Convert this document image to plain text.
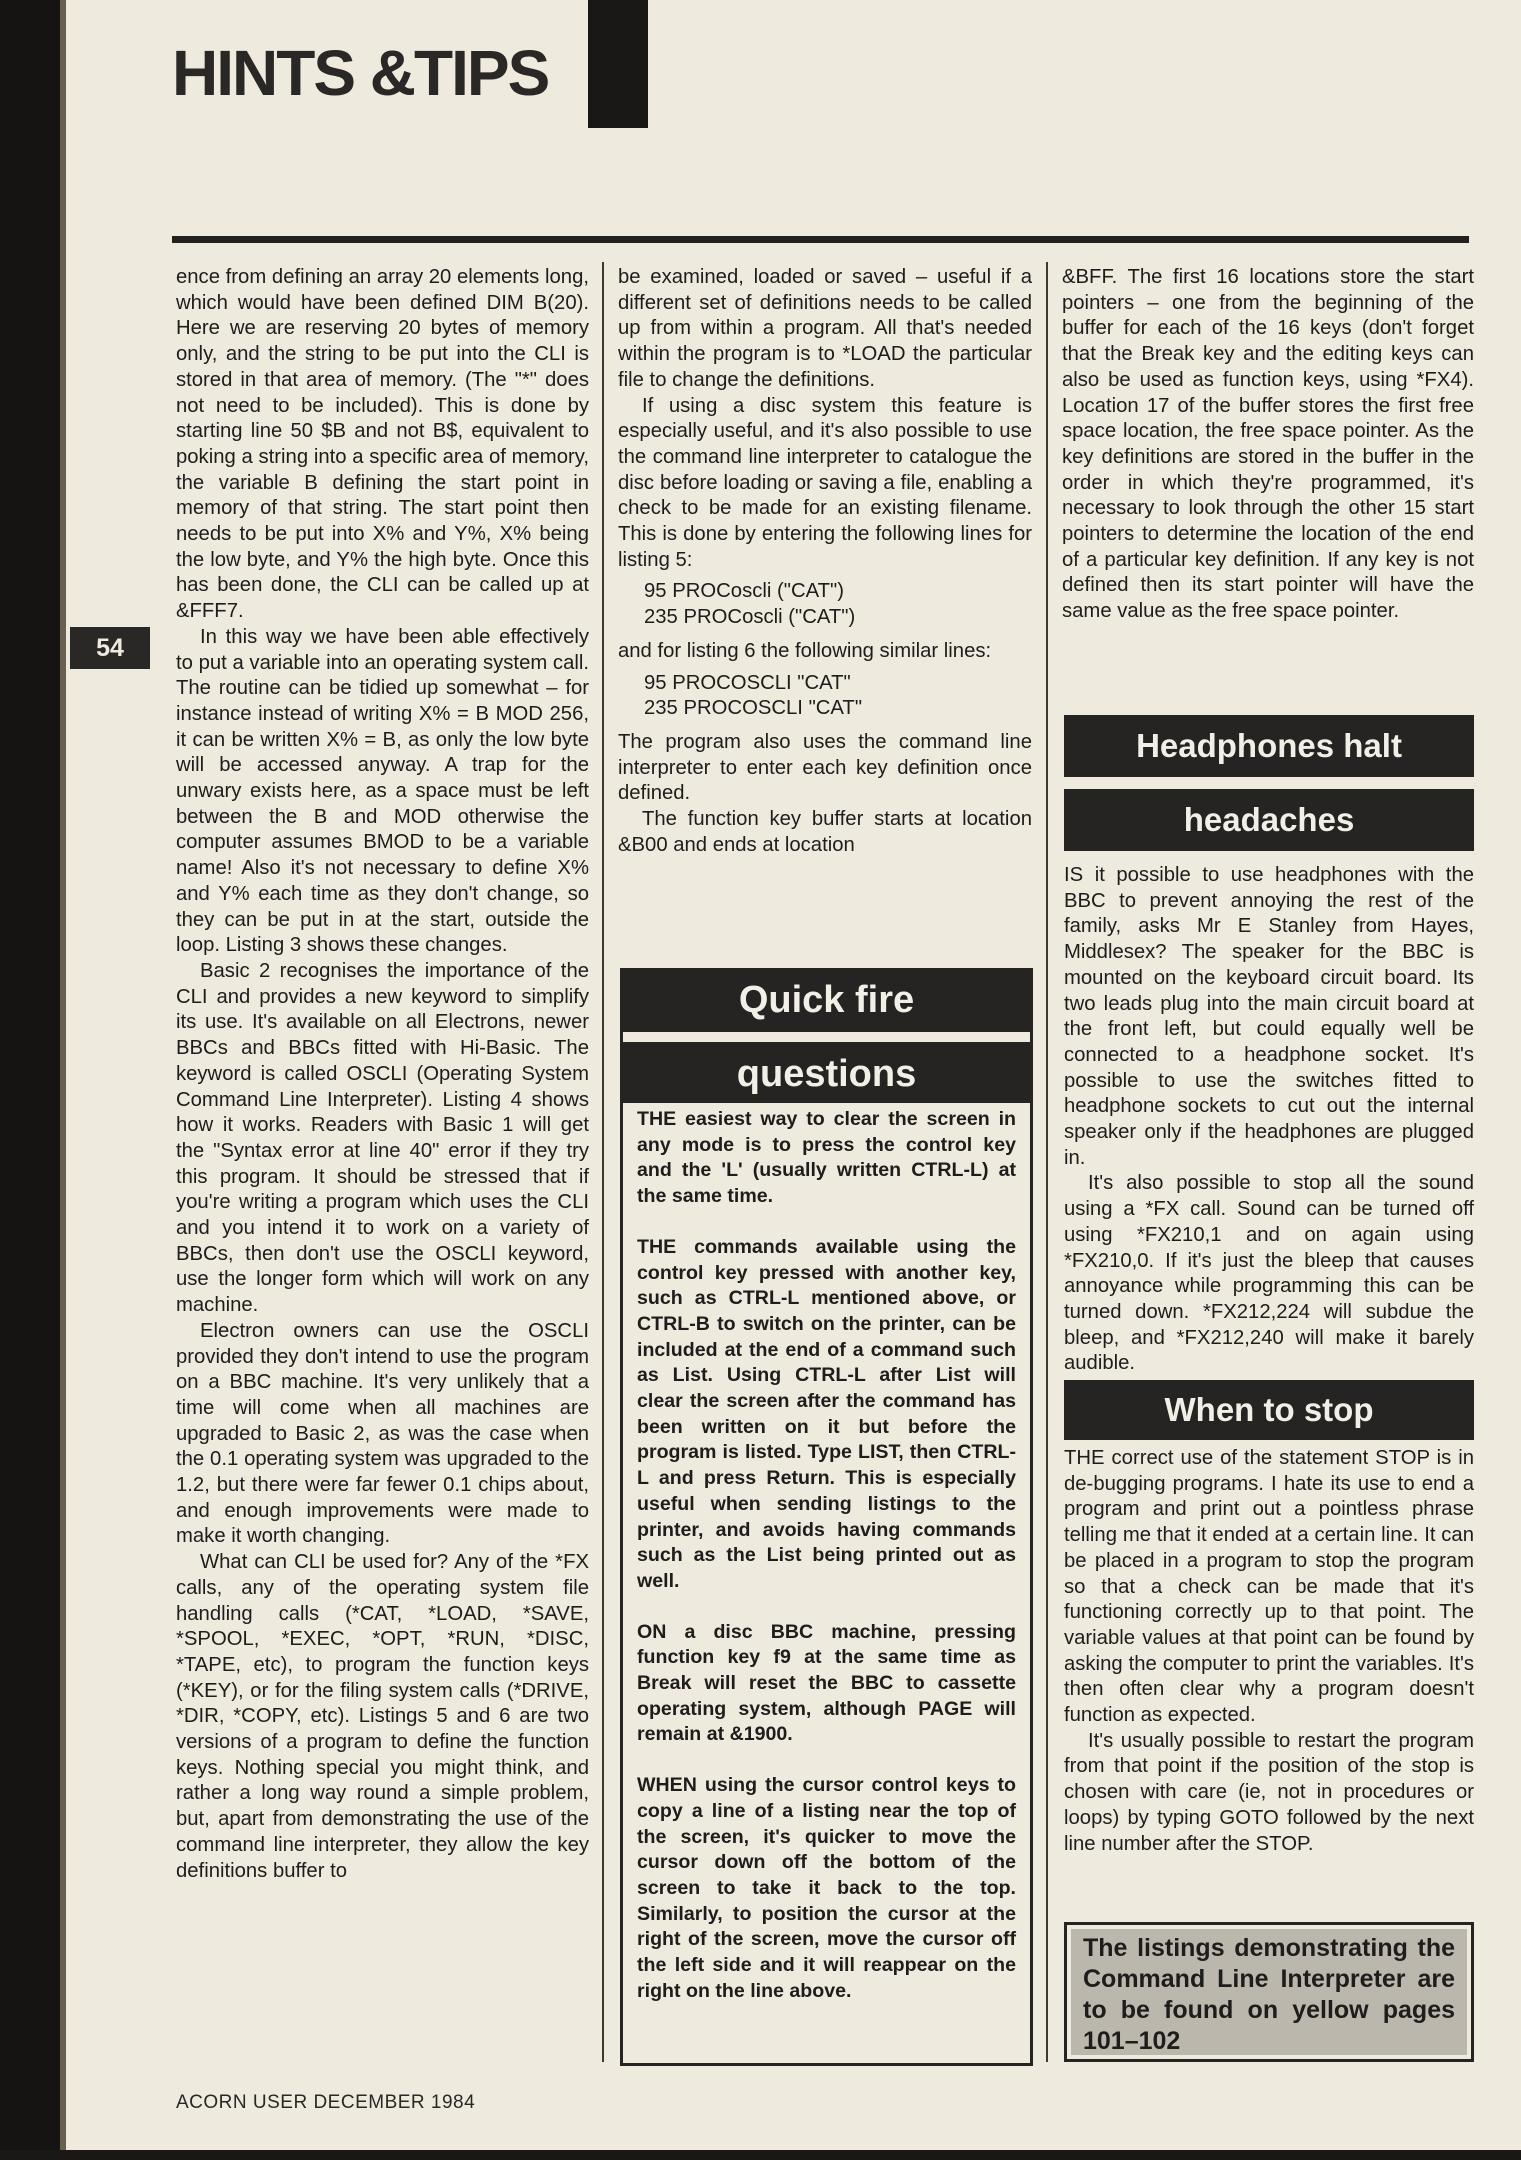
HINTS &TIPS
54

ence from defining an array 20 elements long, which would have been defined DIM B(20). Here we are reserving 20 bytes of memory only, and the string to be put into the CLI is stored in that area of memory. (The "*" does not need to be included). This is done by starting line 50 $B and not B$, equivalent to poking a string into a specific area of memory, the variable B defining the start point in memory of that string. The start point then needs to be put into X% and Y%, X% being the low byte, and Y% the high byte. Once this has been done, the CLI can be called up at &FFF7.

In this way we have been able effectively to put a variable into an operating system call. The routine can be tidied up somewhat – for instance instead of writing X% = B MOD 256, it can be written X% = B, as only the low byte will be accessed anyway. A trap for the unwary exists here, as a space must be left between the B and MOD otherwise the computer assumes BMOD to be a variable name! Also it's not necessary to define X% and Y% each time as they don't change, so they can be put in at the start, outside the loop. Listing 3 shows these changes.

Basic 2 recognises the importance of the CLI and provides a new keyword to simplify its use. It's available on all Electrons, newer BBCs and BBCs fitted with Hi-Basic. The keyword is called OSCLI (Operating System Command Line Interpreter). Listing 4 shows how it works. Readers with Basic 1 will get the "Syntax error at line 40" error if they try this program. It should be stressed that if you're writing a program which uses the CLI and you intend it to work on a variety of BBCs, then don't use the OSCLI keyword, use the longer form which will work on any machine.

Electron owners can use the OSCLI provided they don't intend to use the program on a BBC machine. It's very unlikely that a time will come when all machines are upgraded to Basic 2, as was the case when the 0.1 operating system was upgraded to the 1.2, but there were far fewer 0.1 chips about, and enough improvements were made to make it worth changing.

What can CLI be used for? Any of the *FX calls, any of the operating system file handling calls (*CAT, *LOAD, *SAVE, *SPOOL, *EXEC, *OPT, *RUN, *DISC, *TAPE, etc), to program the function keys (*KEY), or for the filing system calls (*DRIVE, *DIR, *COPY, etc). Listings 5 and 6 are two versions of a program to define the function keys. Nothing special you might think, and rather a long way round a simple problem, but, apart from demonstrating the use of the command line interpreter, they allow the key definitions buffer to

be examined, loaded or saved – useful if a different set of definitions needs to be called up from within a program. All that's needed within the program is to *LOAD the particular file to change the definitions.

If using a disc system this feature is especially useful, and it's also possible to use the command line interpreter to catalogue the disc before loading or saving a file, enabling a check to be made for an existing filename. This is done by entering the following lines for listing 5:

95 PROCoscli ("CAT")
235 PROCoscli ("CAT")

and for listing 6 the following similar lines:

95 PROCOSCLI "CAT"
235 PROCOSCLI "CAT"

The program also uses the command line interpreter to enter each key definition once defined.

The function key buffer starts at location &B00 and ends at location

Quick fire
questions

THE easiest way to clear the screen in any mode is to press the control key and the 'L' (usually written CTRL-L) at the same time.

THE commands available using the control key pressed with another key, such as CTRL-L mentioned above, or CTRL-B to switch on the printer, can be included at the end of a command such as List. Using CTRL-L after List will clear the screen after the command has been written on it but before the program is listed. Type LIST, then CTRL-L and press Return. This is especially useful when sending listings to the printer, and avoids having commands such as the List being printed out as well.

ON a disc BBC machine, pressing function key f9 at the same time as Break will reset the BBC to cassette operating system, although PAGE will remain at &1900.

WHEN using the cursor control keys to copy a line of a listing near the top of the screen, it's quicker to move the cursor down off the bottom of the screen to take it back to the top. Similarly, to position the cursor at the right of the screen, move the cursor off the left side and it will reappear on the right on the line above.

&BFF. The first 16 locations store the start pointers – one from the beginning of the buffer for each of the 16 keys (don't forget that the Break key and the editing keys can also be used as function keys, using *FX4). Location 17 of the buffer stores the first free space location, the free space pointer. As the key definitions are stored in the buffer in the order in which they're programmed, it's necessary to look through the other 15 start pointers to determine the location of the end of a particular key definition. If any key is not defined then its start pointer will have the same value as the free space pointer.

Headphones halt
headaches

IS it possible to use headphones with the BBC to prevent annoying the rest of the family, asks Mr E Stanley from Hayes, Middlesex? The speaker for the BBC is mounted on the keyboard circuit board. Its two leads plug into the main circuit board at the front left, but could equally well be connected to a headphone socket. It's possible to use the switches fitted to headphone sockets to cut out the internal speaker only if the headphones are plugged in.

It's also possible to stop all the sound using a *FX call. Sound can be turned off using *FX210,1 and on again using *FX210,0. If it's just the bleep that causes annoyance while programming this can be turned down. *FX212,224 will subdue the bleep, and *FX212,240 will make it barely audible.

When to stop

THE correct use of the statement STOP is in de-bugging programs. I hate its use to end a program and print out a pointless phrase telling me that it ended at a certain line. It can be placed in a program to stop the program so that a check can be made that it's functioning correctly up to that point. The variable values at that point can be found by asking the computer to print the variables. It's then often clear why a program doesn't function as expected.

It's usually possible to restart the program from that point if the position of the stop is chosen with care (ie, not in procedures or loops) by typing GOTO followed by the next line number after the STOP.

The listings demonstrating the Command Line Interpreter are to be found on yellow pages 101–102
ACORN USER DECEMBER 1984
